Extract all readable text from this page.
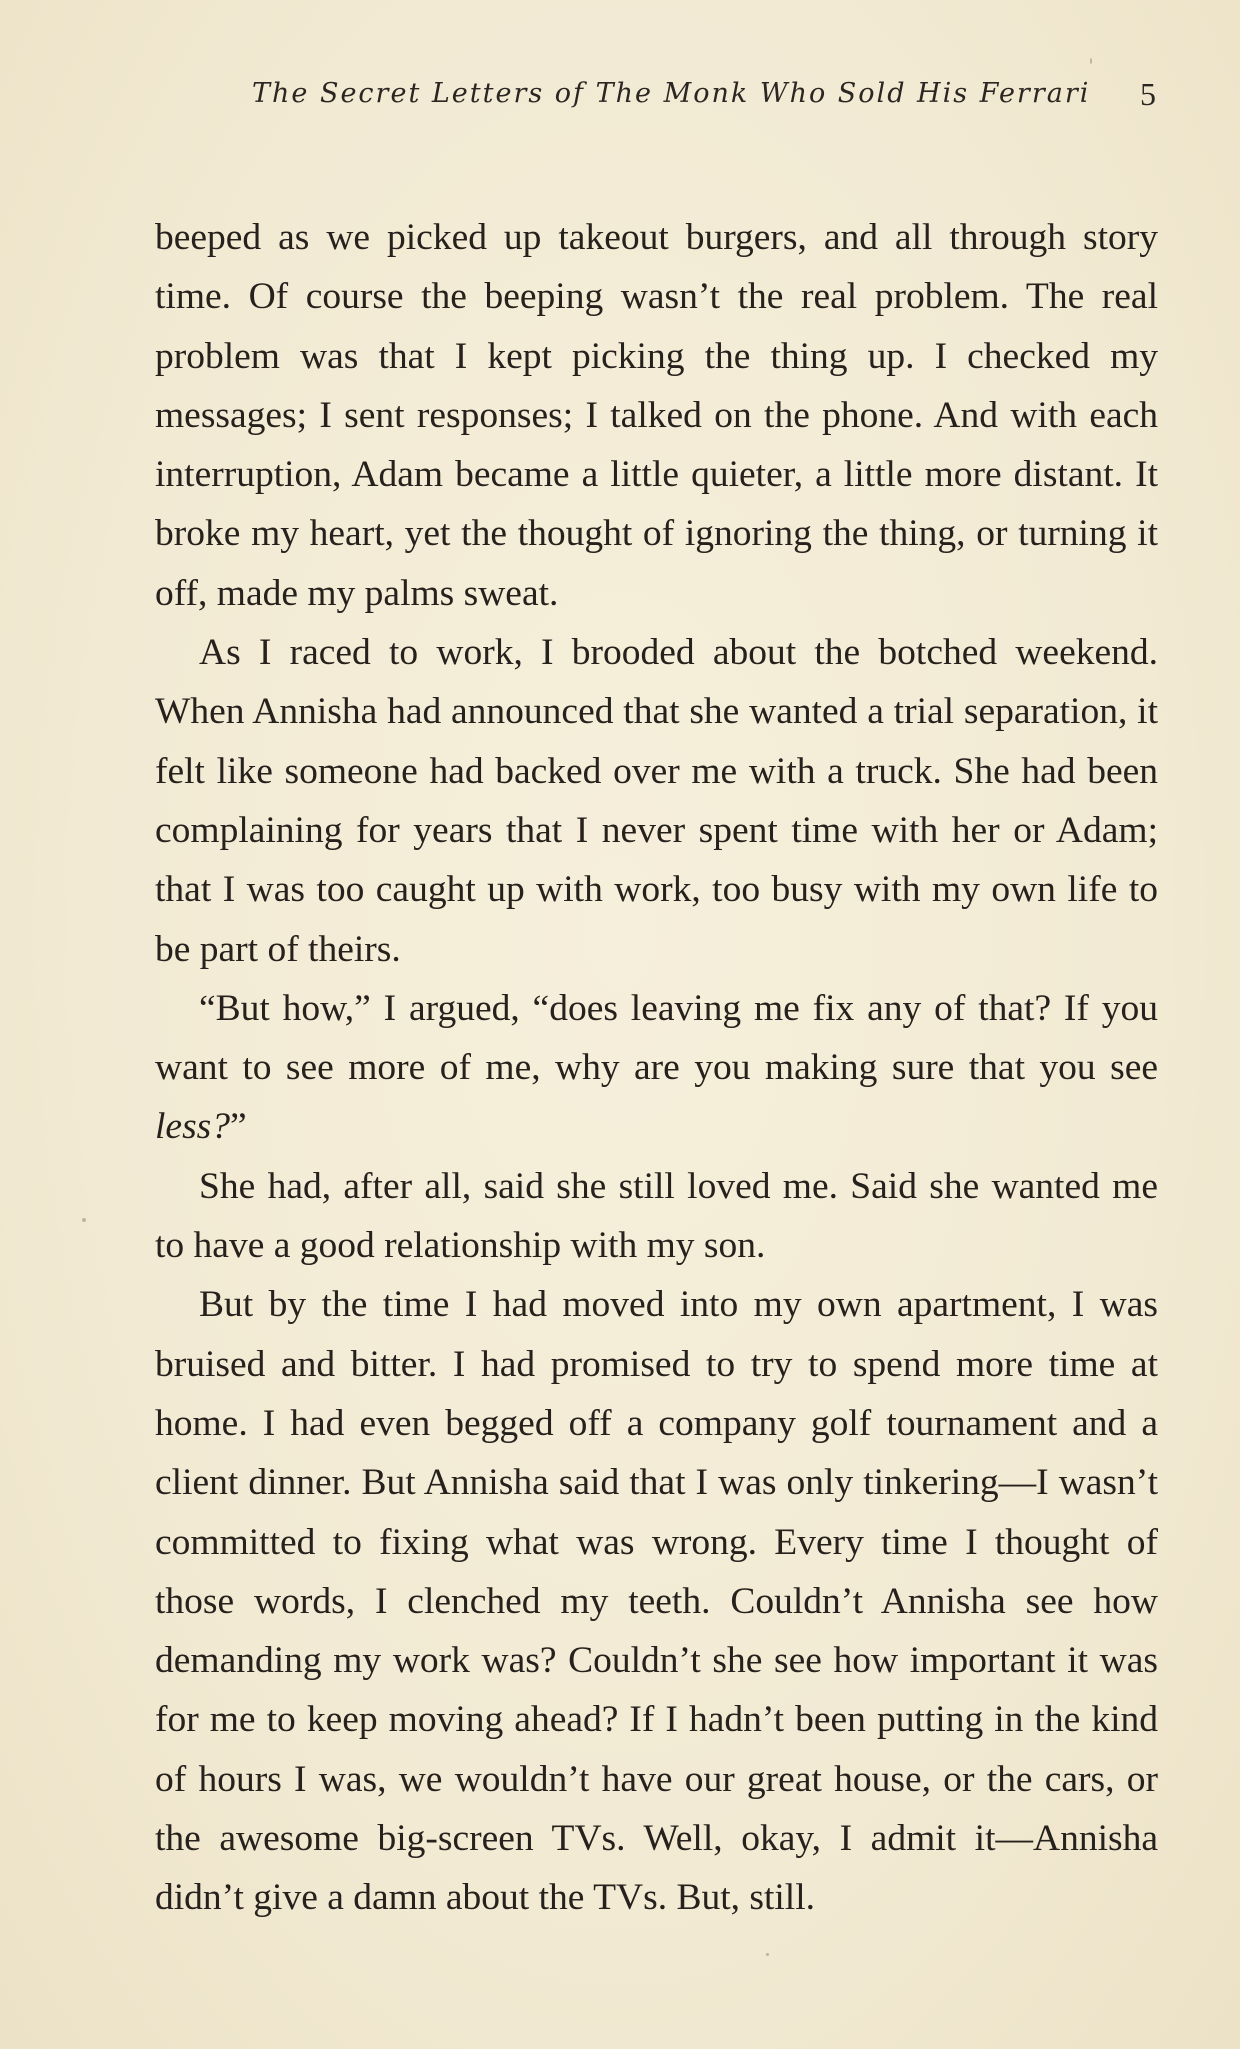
The Secret Letters of The Monk Who Sold His Ferrari 5

beeped as we picked up takeout burgers, and all through story time. Of course the beeping wasn’t the real problem. The real problem was that I kept picking the thing up. I checked my messages; I sent responses; I talked on the phone. And with each interruption, Adam became a little quieter, a little more distant. It broke my heart, yet the thought of ignoring the thing, or turning it off, made my palms sweat.

As I raced to work, I brooded about the botched weekend. When Annisha had announced that she wanted a trial separation, it felt like someone had backed over me with a truck. She had been complaining for years that I never spent time with her or Adam; that I was too caught up with work, too busy with my own life to be part of theirs.

“But how,” I argued, “does leaving me fix any of that? If you want to see more of me, why are you making sure that you see less?”

She had, after all, said she still loved me. Said she wanted me to have a good relationship with my son.

But by the time I had moved into my own apartment, I was bruised and bitter. I had promised to try to spend more time at home. I had even begged off a company golf tournament and a client dinner. But Annisha said that I was only tinkering—I wasn’t committed to fixing what was wrong. Every time I thought of those words, I clenched my teeth. Couldn’t Annisha see how demanding my work was? Couldn’t she see how important it was for me to keep moving ahead? If I hadn’t been putting in the kind of hours I was, we wouldn’t have our great house, or the cars, or the awesome big-screen TVs. Well, okay, I admit it—Annisha didn’t give a damn about the TVs. But, still.
